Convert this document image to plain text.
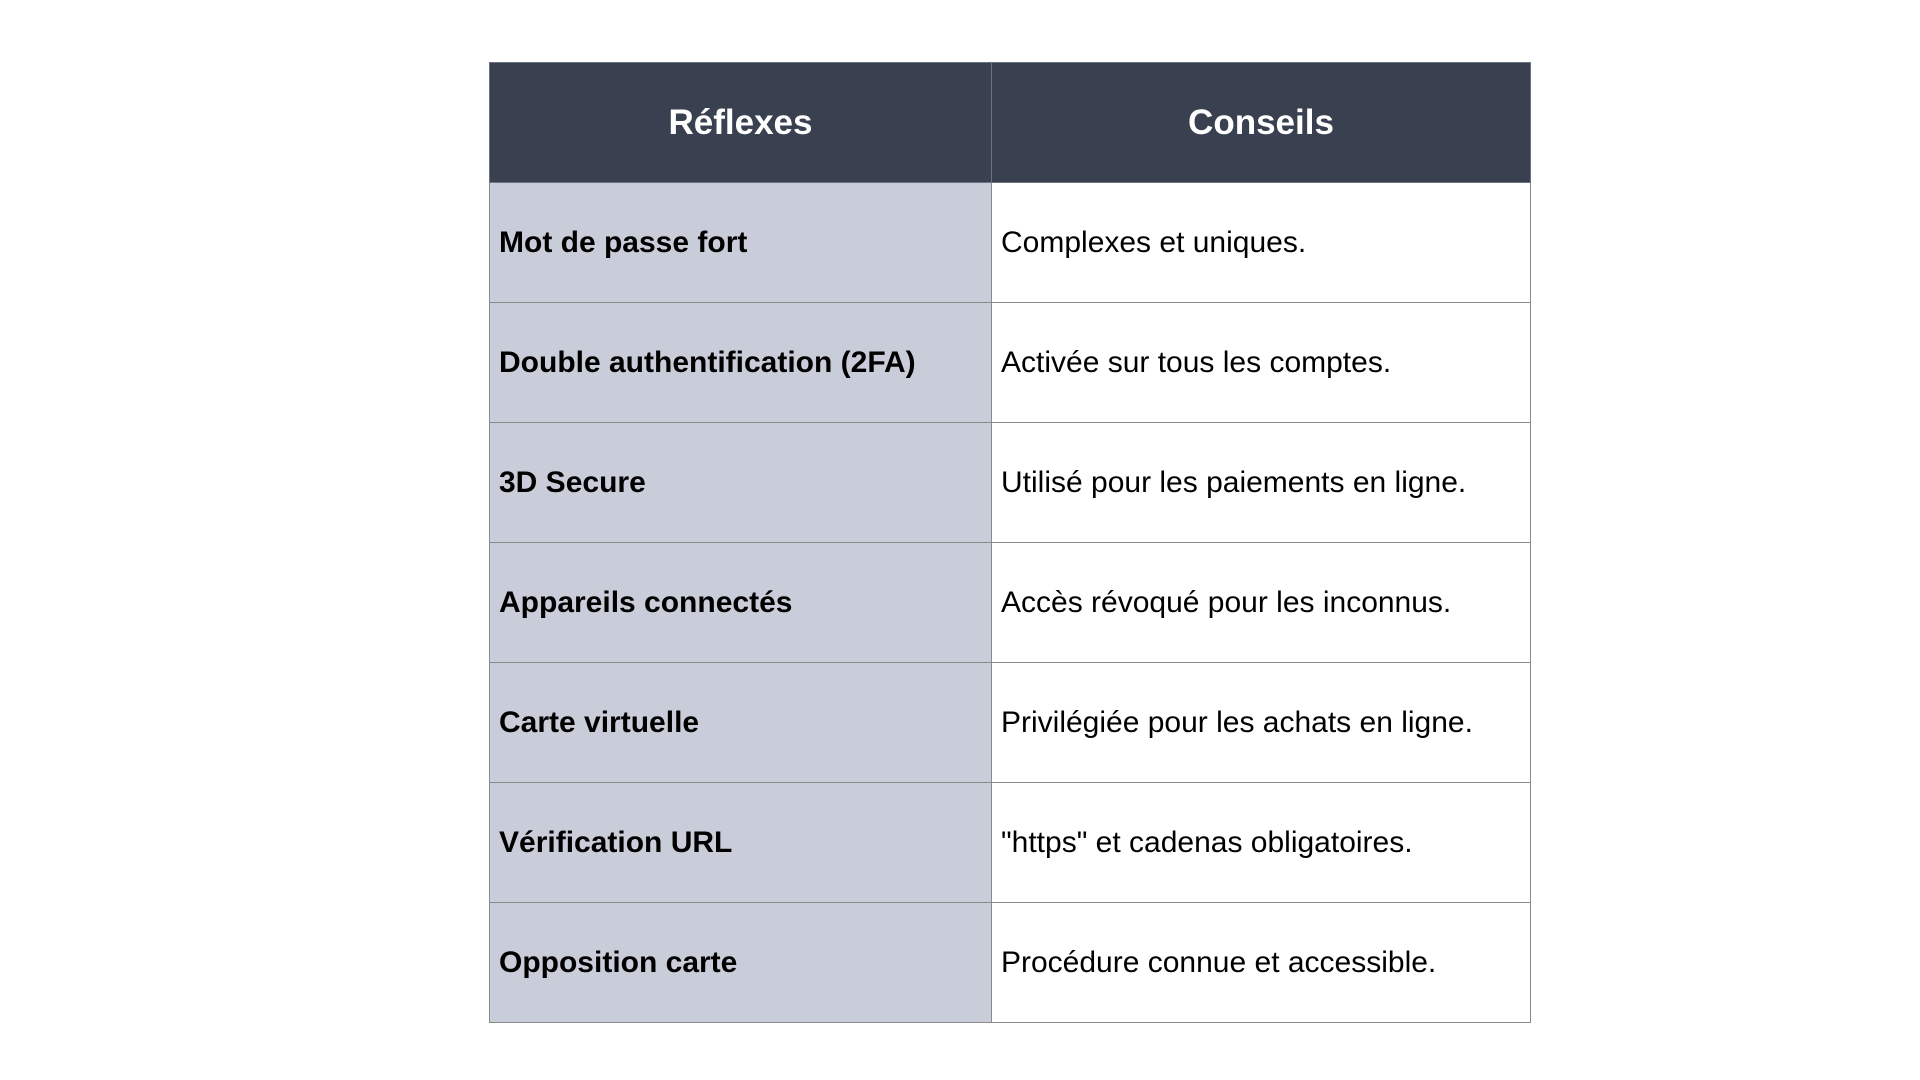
Réflexes	Conseils
Mot de passe fort	Complexes et uniques.
Double authentification (2FA)	Activée sur tous les comptes.
3D Secure	Utilisé pour les paiements en ligne.
Appareils connectés	Accès révoqué pour les inconnus.
Carte virtuelle	Privilégiée pour les achats en ligne.
Vérification URL	"https" et cadenas obligatoires.
Opposition carte	Procédure connue et accessible.
